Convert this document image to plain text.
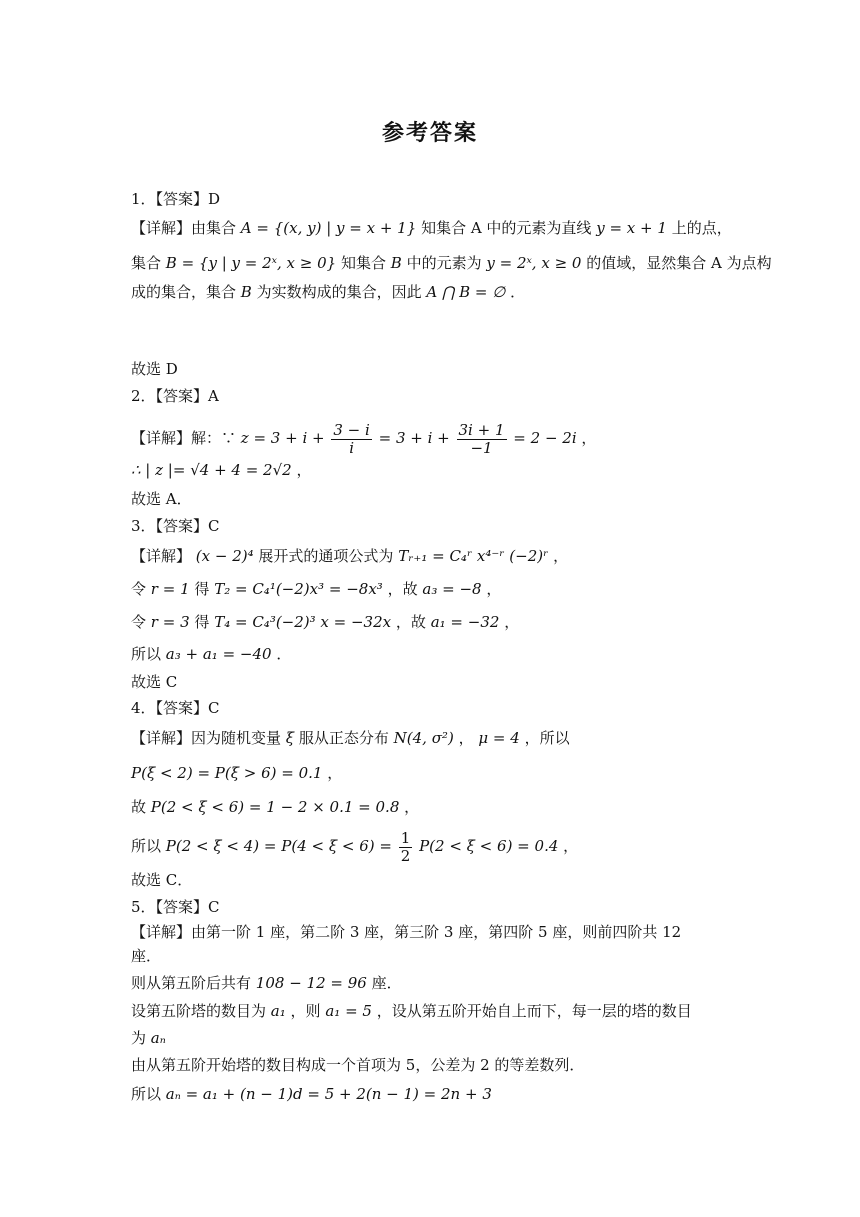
参考答案
1．【答案】D
【详解】由集合 A = {(x, y) | y = x + 1} 知集合 A 中的元素为直线 y = x + 1 上的点，
集合 B = {y | y = 2ˣ, x ≥ 0} 知集合 B 中的元素为 y = 2ˣ, x ≥ 0 的值域，显然集合 A 为点构
成的集合，集合 B 为实数构成的集合，因此 A ⋂ B = ∅ ．
故选 D
2．【答案】A
【详解】解：∵ $z = 3 + i + \frac{3 - i}{i} = 3 + i + \frac{3i + 1}{-1} = 2 - 2i$ ，
∴ | z |= √4 + 4 = 2√2 ，
故选 A．
3．【答案】C
【详解】 (x − 2)⁴ 展开式的通项公式为 Tᵣ₊₁ = C₄ʳ x⁴⁻ʳ (−2)ʳ ，
令 r = 1 得 T₂ = C₄¹(−2)x³ = −8x³ ，故 a₃ = −8 ，
令 r = 3 得 T₄ = C₄³(−2)³ x = −32x ，故 a₁ = −32 ，
所以 a₃ + a₁ = −40 ．
故选 C
4．【答案】C
【详解】因为随机变量 ξ 服从正态分布 N(4, σ²) ， μ = 4 ，所以
P(ξ < 2) = P(ξ > 6) = 0.1 ，
故 P(2 < ξ < 6) = 1 − 2 × 0.1 = 0.8 ，
所以 $P(2 < \xi < 4) = P(4 < \xi < 6) = \frac{1}{2} P(2 < \xi < 6) = 0.4$ ，
故选 C．
5．【答案】C
【详解】由第一阶 1 座，第二阶 3 座，第三阶 3 座，第四阶 5 座，则前四阶共 12
座．
则从第五阶后共有 108 − 12 = 96 座．
设第五阶塔的数目为 a₁ ，则 a₁ = 5 ，设从第五阶开始自上而下，每一层的塔的数目
为 aₙ
由从第五阶开始塔的数目构成一个首项为 5，公差为 2 的等差数列．
所以 aₙ = a₁ + (n − 1)d = 5 + 2(n − 1) = 2n + 3
